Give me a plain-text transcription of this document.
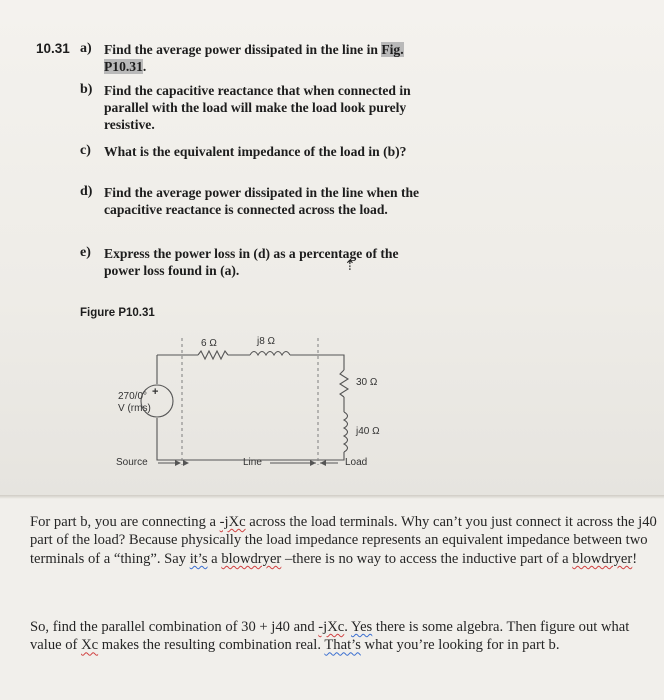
10.31 a) Find the average power dissipated in the line in Fig. P10.31.
b) Find the capacitive reactance that when connected in parallel with the load will make the load look purely resistive.
c) What is the equivalent impedance of the load in (b)?
d) Find the average power dissipated in the line when the capacitive reactance is connected across the load.
e) Express the power loss in (d) as a percentage of the power loss found in (a).	⇡
Figure P10.31
+
270/0°
V (rms)
6 Ω	j8 Ω
30 Ω
j40 Ω
Source	Line	Load
For part b, you are connecting a -jXc across the load terminals. Why can’t you just connect it across the j40 part of the load? Because physically the load impedance represents an equivalent impedance between two terminals of a “thing”. Say it’s a blowdryer –there is no way to access the inductive part of a blowdryer!
So, find the parallel combination of 30 + j40 and -jXc. Yes there is some algebra. Then figure out what value of Xc makes the resulting combination real. That’s what you’re looking for in part b.
